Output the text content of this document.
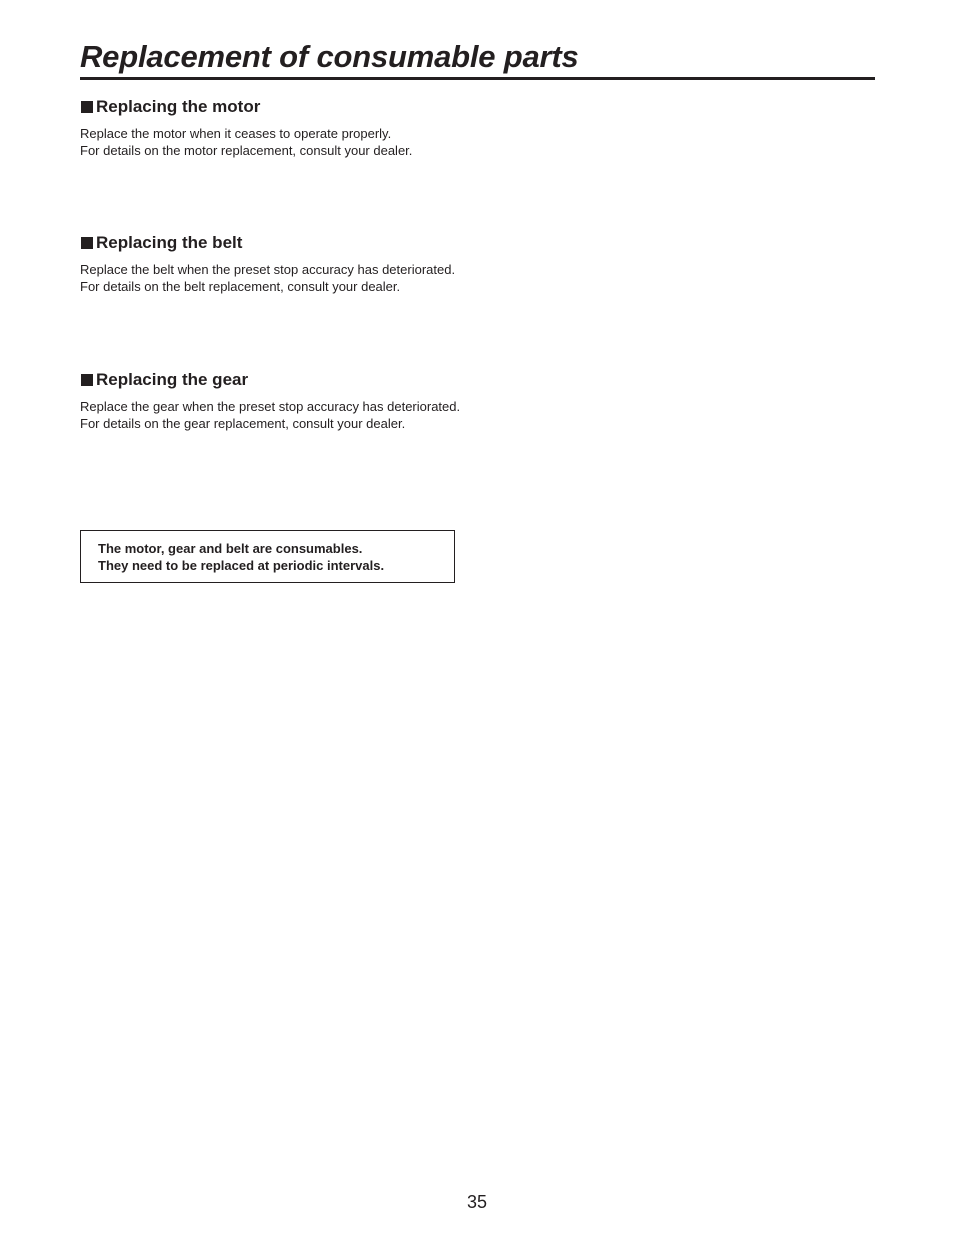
Replacement of consumable parts
Replacing the motor

Replace the motor when it ceases to operate properly.

For details on the motor replacement, consult your dealer.

Replacing the belt

Replace the belt when the preset stop accuracy has deteriorated.

For details on the belt replacement, consult your dealer.

Replacing the gear

Replace the gear when the preset stop accuracy has deteriorated.

For details on the gear replacement, consult your dealer.

The motor, gear and belt are consumables.

They need to be replaced at periodic intervals.

35
